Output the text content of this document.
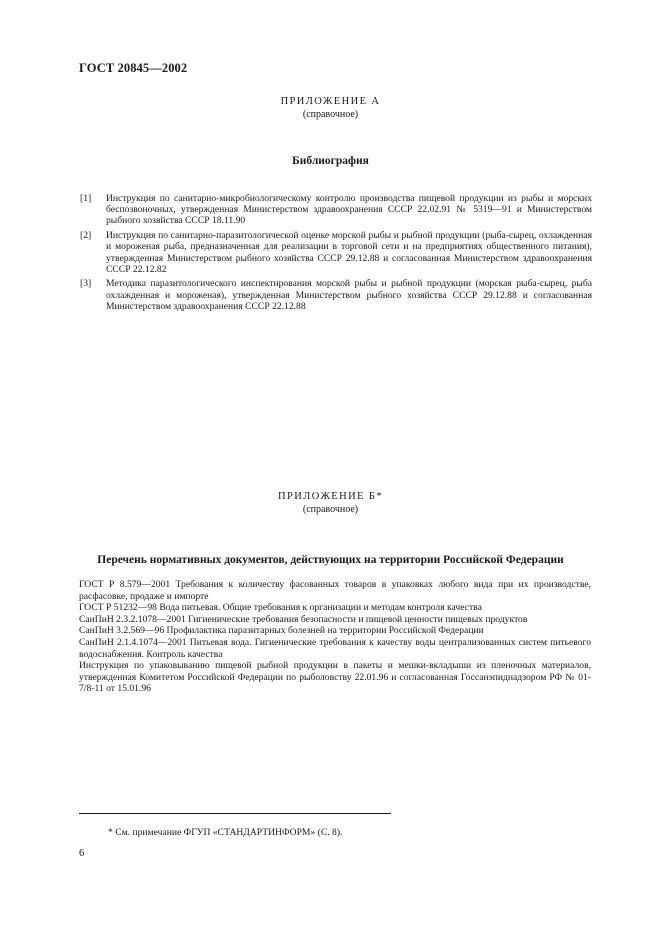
ГОСТ 20845—2002
ПРИЛОЖЕНИЕ А
(справочное)
Библиография
[1] Инструкция по санитарно-микробиологическому контролю производства пищевой продукции из рыбы и морских беспозвоночных, утвержденная Министерством здравоохранения СССР 22.02.91 № 5319—91 и Министерством рыбного хозяйства СССР 18.11.90
[2] Инструкция по санитарно-паразитологической оценке морской рыбы и рыбной продукции (рыба-сырец, охлажденная и мороженая рыба, предназначенная для реализации в торговой сети и на предприятиях общественного питания), утвержденная Министерством рыбного хозяйства СССР 29.12.88 и согласованная Министерством здравоохранения СССР 22.12.82
[3] Методика паразитологического инспектирования морской рыбы и рыбной продукции (морская рыба-сырец, рыба охлажденная и мороженая), утвержденная Министерством рыбного хозяйства СССР 29.12.88 и согласованная Министерством здравоохранения СССР 22.12.88
ПРИЛОЖЕНИЕ Б*
(справочное)
Перечень нормативных документов, действующих на территории Российской Федерации
ГОСТ Р 8.579—2001 Требования к количеству фасованных товаров в упаковках любого вида при их производстве, расфасовке, продаже и импорте
ГОСТ Р 51232—98 Вода питьевая. Общие требования к организации и методам контроля качества
СанПиН 2.3.2.1078—2001 Гигиенические требования безопасности и пищевой ценности пищевых продуктов
СанПиН 3.2.569—96 Профилактика паразитарных болезней на территории Российской Федерации
СанПиН 2.1.4.1074—2001 Питьевая вода. Гигиенические требования к качеству воды централизованных систем питьевого водоснабжения. Контроль качества
Инструкция по упаковыванию пищевой рыбной продукции в пакеты и мешки-вкладыши из пленочных материалов, утвержденная Комитетом Российской Федерации по рыболовству 22.01.96 и согласованная Госсанэпиднадзором РФ № 01-7/8-11 от 15.01.96
* См. примечание ФГУП «СТАНДАРТИНФОРМ» (С. 8).
6
